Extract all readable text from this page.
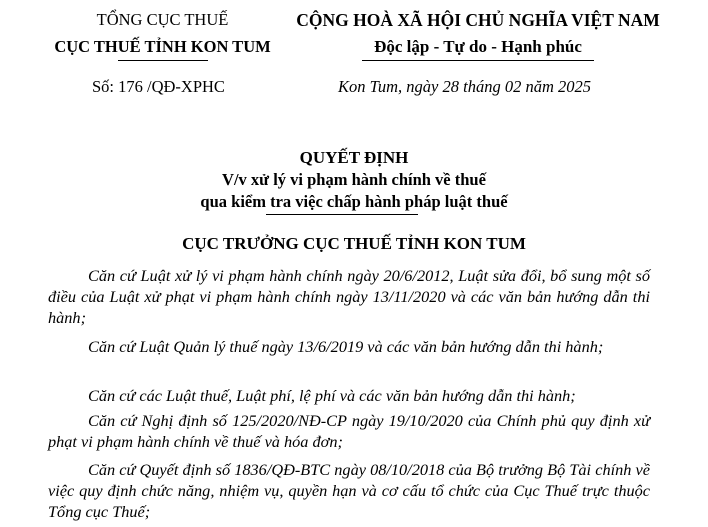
TỔNG CỤC THUẾ
CỤC THUẾ TỈNH KON TUM
Số: 176 /QĐ-XPHC
CỘNG HOÀ XÃ HỘI CHỦ NGHĨA VIỆT NAM
Độc lập - Tự do - Hạnh phúc
Kon Tum, ngày 28 tháng 02 năm 2025
QUYẾT ĐỊNH
V/v xử lý vi phạm hành chính về thuế
qua kiểm tra việc chấp hành pháp luật thuế
CỤC TRƯỞNG CỤC THUẾ TỈNH KON TUM
Căn cứ Luật xử lý vi phạm hành chính ngày 20/6/2012, Luật sửa đổi, bổ sung một số điều của Luật xử phạt vi phạm hành chính ngày 13/11/2020 và các văn bản hướng dẫn thi hành;
Căn cứ Luật Quản lý thuế ngày 13/6/2019 và các văn bản hướng dẫn thi hành;
Căn cứ các Luật thuế, Luật phí, lệ phí và các văn bản hướng dẫn thi hành;
Căn cứ Nghị định số 125/2020/NĐ-CP ngày 19/10/2020 của Chính phủ quy định xử phạt vi phạm hành chính về thuế và hóa đơn;
Căn cứ Quyết định số 1836/QĐ-BTC ngày 08/10/2018 của Bộ trưởng Bộ Tài chính về việc quy định chức năng, nhiệm vụ, quyền hạn và cơ cấu tổ chức của Cục Thuế trực thuộc Tổng cục Thuế;
